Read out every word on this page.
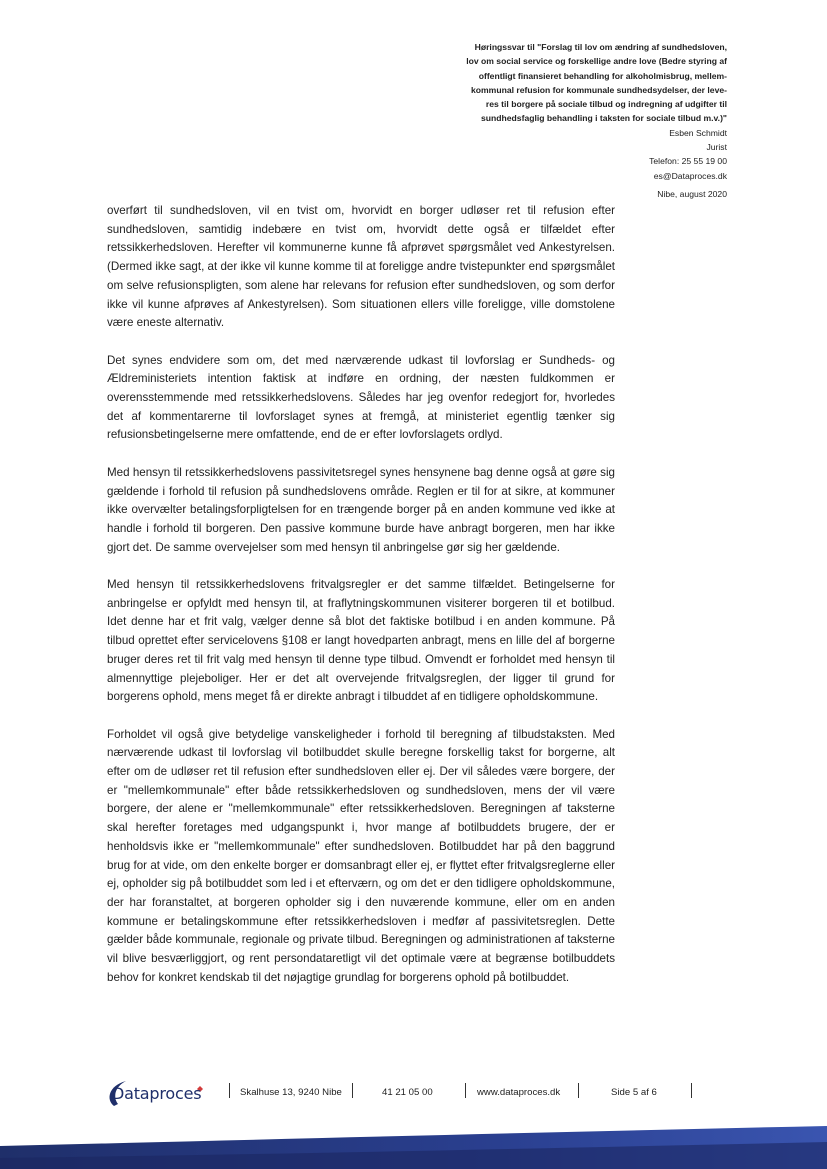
Høringssvar til "Forslag til lov om ændring af sundhedsloven,
lov om social service og forskellige andre love (Bedre styring af
offentligt finansieret behandling for alkoholmisbrug, mellem-
kommunal refusion for kommunale sundhedsydelser, der leve-
res til borgere på sociale tilbud og indregning af udgifter til
sundhedsfaglig behandling i taksten for sociale tilbud m.v.)"
Esben Schmidt
Jurist
Telefon: 25 55 19 00
es@Dataproces.dk
Nibe, august 2020

overført til sundhedsloven, vil en tvist om, hvorvidt en borger udløser ret til refusion efter sundhedsloven, samtidig indebære en tvist om, hvorvidt dette også er tilfældet efter retssikkerhedsloven. Herefter vil kommunerne kunne få afprøvet spørgsmålet ved Ankestyrelsen. (Dermed ikke sagt, at der ikke vil kunne komme til at foreligge andre tvistepunkter end spørgsmålet om selve refusionspligten, som alene har relevans for refusion efter sundhedsloven, og som derfor ikke vil kunne afprøves af Ankestyrelsen). Som situationen ellers ville foreligge, ville domstolene være eneste alternativ.

Det synes endvidere som om, det med nærværende udkast til lovforslag er Sundheds- og Ældreministeriets intention faktisk at indføre en ordning, der næsten fuldkommen er overensstemmende med retssikkerhedslovens. Således har jeg ovenfor redegjort for, hvorledes det af kommentarerne til lovforslaget synes at fremgå, at ministeriet egentlig tænker sig refusionsbetingelserne mere omfattende, end de er efter lovforslagets ordlyd.

Med hensyn til retssikkerhedslovens passivitetsregel synes hensynene bag denne også at gøre sig gældende i forhold til refusion på sundhedslovens område. Reglen er til for at sikre, at kommuner ikke overvælter betalingsforpligtelsen for en trængende borger på en anden kommune ved ikke at handle i forhold til borgeren. Den passive kommune burde have anbragt borgeren, men har ikke gjort det. De samme overvejelser som med hensyn til anbringelse gør sig her gældende.

Med hensyn til retssikkerhedslovens fritvalgsregler er det samme tilfældet. Betingelserne for anbringelse er opfyldt med hensyn til, at fraflytningskommunen visiterer borgeren til et botilbud. Idet denne har et frit valg, vælger denne så blot det faktiske botilbud i en anden kommune. På tilbud oprettet efter servicelovens §108 er langt hovedparten anbragt, mens en lille del af borgerne bruger deres ret til frit valg med hensyn til denne type tilbud. Omvendt er forholdet med hensyn til almennyttige plejeboliger. Her er det alt overvejende fritvalgsreglen, der ligger til grund for borgerens ophold, mens meget få er direkte anbragt i tilbuddet af en tidligere opholdskommune.

Forholdet vil også give betydelige vanskeligheder i forhold til beregning af tilbudstaksten. Med nærværende udkast til lovforslag vil botilbuddet skulle beregne forskellig takst for borgerne, alt efter om de udløser ret til refusion efter sundhedsloven eller ej. Der vil således være borgere, der er "mellemkommunale" efter både retssikkerhedsloven og sundhedsloven, mens der vil være borgere, der alene er "mellemkommunale" efter retssikkerhedsloven. Beregningen af taksterne skal herefter foretages med udgangspunkt i, hvor mange af botilbuddets brugere, der er henholdsvis ikke er "mellemkommunale" efter sundhedsloven. Botilbuddet har på den baggrund brug for at vide, om den enkelte borger er domsanbragt eller ej, er flyttet efter fritvalgsreglerne eller ej, opholder sig på botilbuddet som led i et efterværn, og om det er den tidligere opholdskommune, der har foranstaltet, at borgeren opholder sig i den nuværende kommune, eller om en anden kommune er betalingskommune efter retssikkerhedsloven i medfør af passivitetsreglen. Dette gælder både kommunale, regionale og private tilbud. Beregningen og administrationen af taksterne vil blive besværliggjort, og rent persondataretligt vil det optimale være at begrænse botilbuddets behov for konkret kendskab til det nøjagtige grundlag for borgerens ophold på botilbuddet.

Dataproces	Skalhuse 13, 9240 Nibe	41 21 05 00	www.dataproces.dk	Side 5 af 6
